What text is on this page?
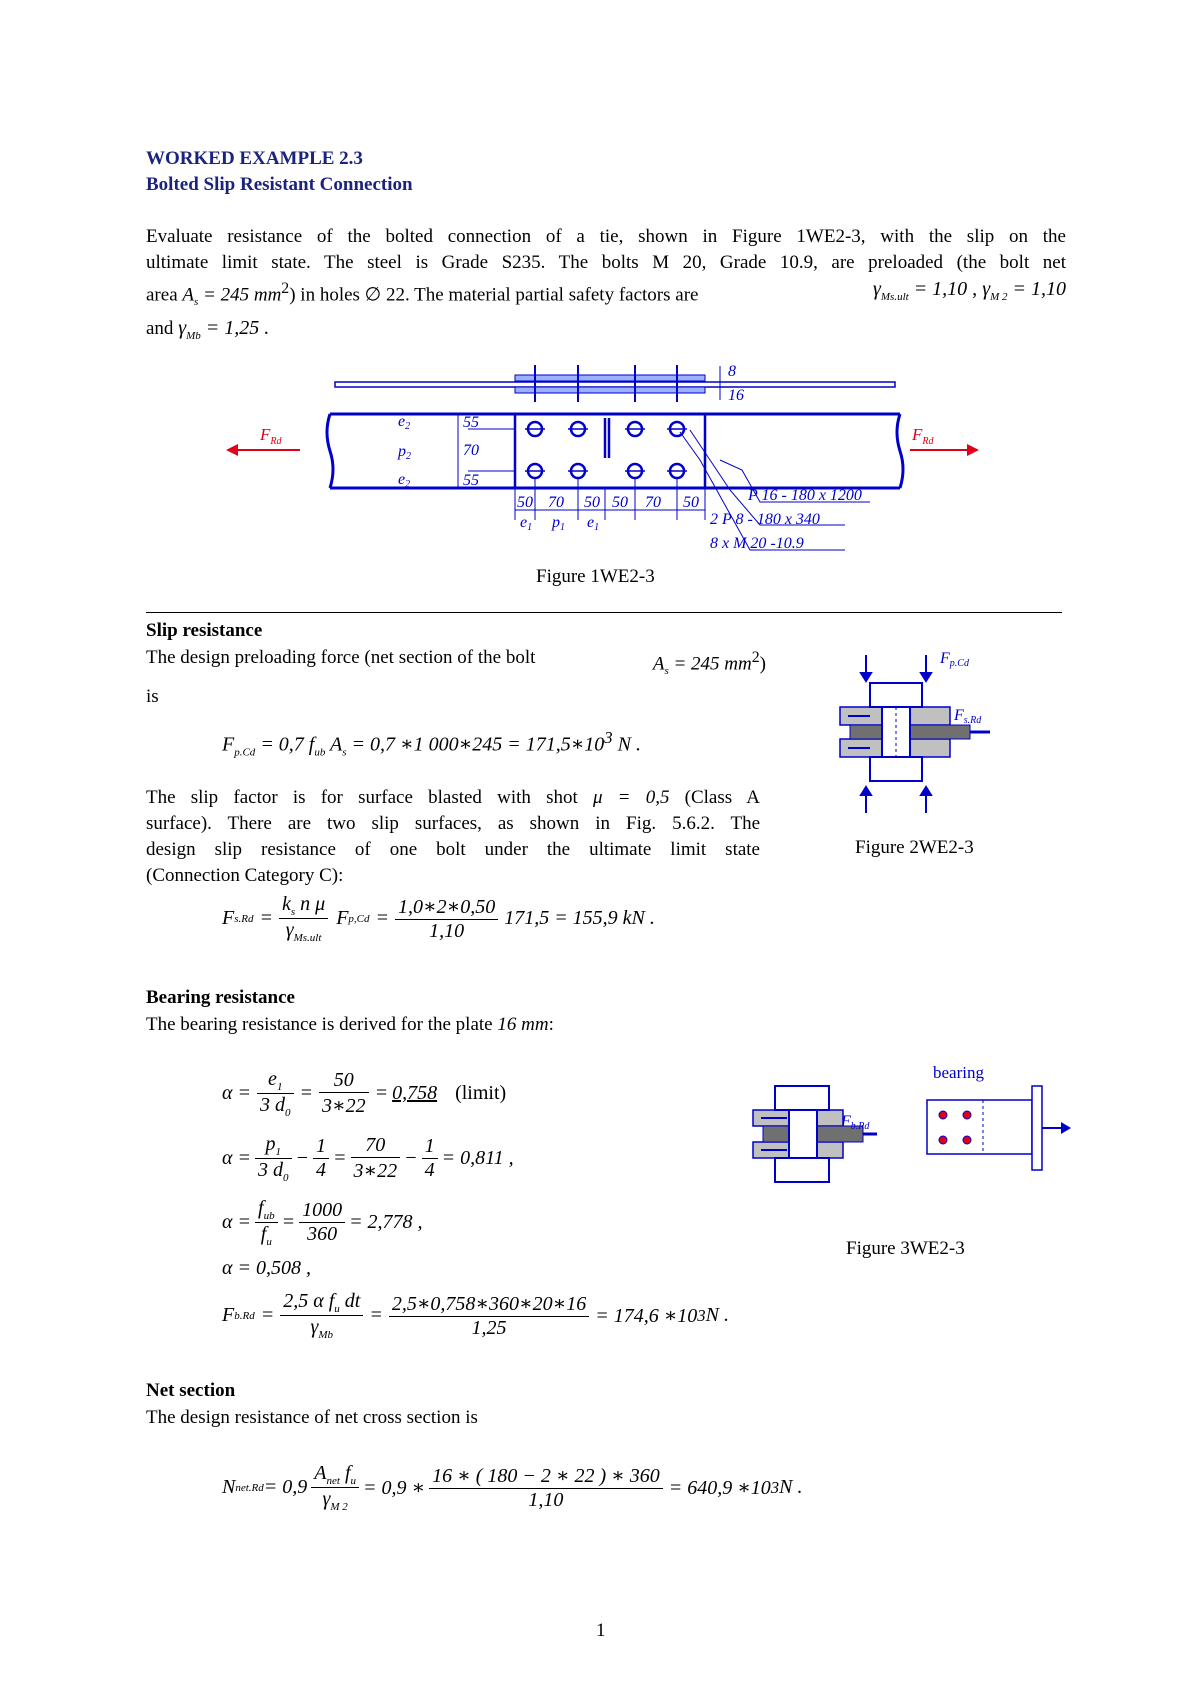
WORKED EXAMPLE 2.3
Bolted Slip Resistant Connection
Evaluate resistance of the bolted connection of a tie, shown in Figure 1WE2-3, with the slip on the
ultimate limit state. The steel is Grade S235. The bolts M 20, Grade 10.9, are preloaded (the bolt net
area $A_s = 245$ $mm^2$) in holes ∅ 22. The material partial safety factors are	$\gamma_{Ms.ult} = 1,10$ , $\gamma_{M 2} = 1,10$
and $\gamma_{Mb} = 1,25$ .
8
16
e2
p2
e2
55
70
55
50 70 50 50 70 50
e1 p1 e1
P 16 - 180 x 1200
2 P 8 - 180 x 340
8 x M 20 -10.9
$F_{Rd}$	$F_{Rd}$
Figure 1WE2-3
Slip resistance
The design preloading force (net section of the bolt	$A_s = 245$ $mm^2$)
is
$F_{p.Cd} = 0,7$ $f_{ub}$ $A_s = 0,7$ ∗1 000∗245 = $171,5∗10^3$ N .
The slip factor is for surface blasted with shot μ = 0,5 (Class A
surface). There are two slip surfaces, as shown in Fig. 5.6.2. The
design slip resistance of one bolt under the ultimate limit state
(Connection Category C):
F $s.Rd = \frac{k_s n \mu}{\gamma_{Ms.ult}}$ F $p,Cd = \frac{1,0∗2∗0,50}{1,10} 171,5 = 155,9$ kN .
Fp.Cd
Fs.Rd
Figure 2WE2-3
Bearing resistance
The bearing resistance is derived for the plate 16 mm:
$\alpha = \frac{e_1}{3 d_0} = \frac{50}{3∗22} = 0,758$ (limit)
$\alpha = \frac{p_1}{3 d_0} - \frac{1}{4} = \frac{70}{3∗22} - \frac{1}{4} = 0,811$ ,
$\alpha = \frac{f_{ub}}{f_u} = \frac{1000}{360} = 2,778$ ,
α = 0,508 ,
F $b.Rd = \frac{2,5 \alpha f_u dt}{\gamma_{Mb}} = \frac{2,5∗0,758∗360∗20∗16}{1,25} = 174,6$ ∗10 3 N .
Fb.Rd
bearing
Figure 3WE2-3
Net section
The design resistance of net cross section is
N $net.Rd = 0,9 \frac{A_{net} f_u}{\gamma_{M 2}} = 0,9$ ∗ $\frac{16 ∗ ( 180 - 2 ∗ 22 ) ∗ 360}{1,10} = 640,9$ ∗10 3 N .
1
